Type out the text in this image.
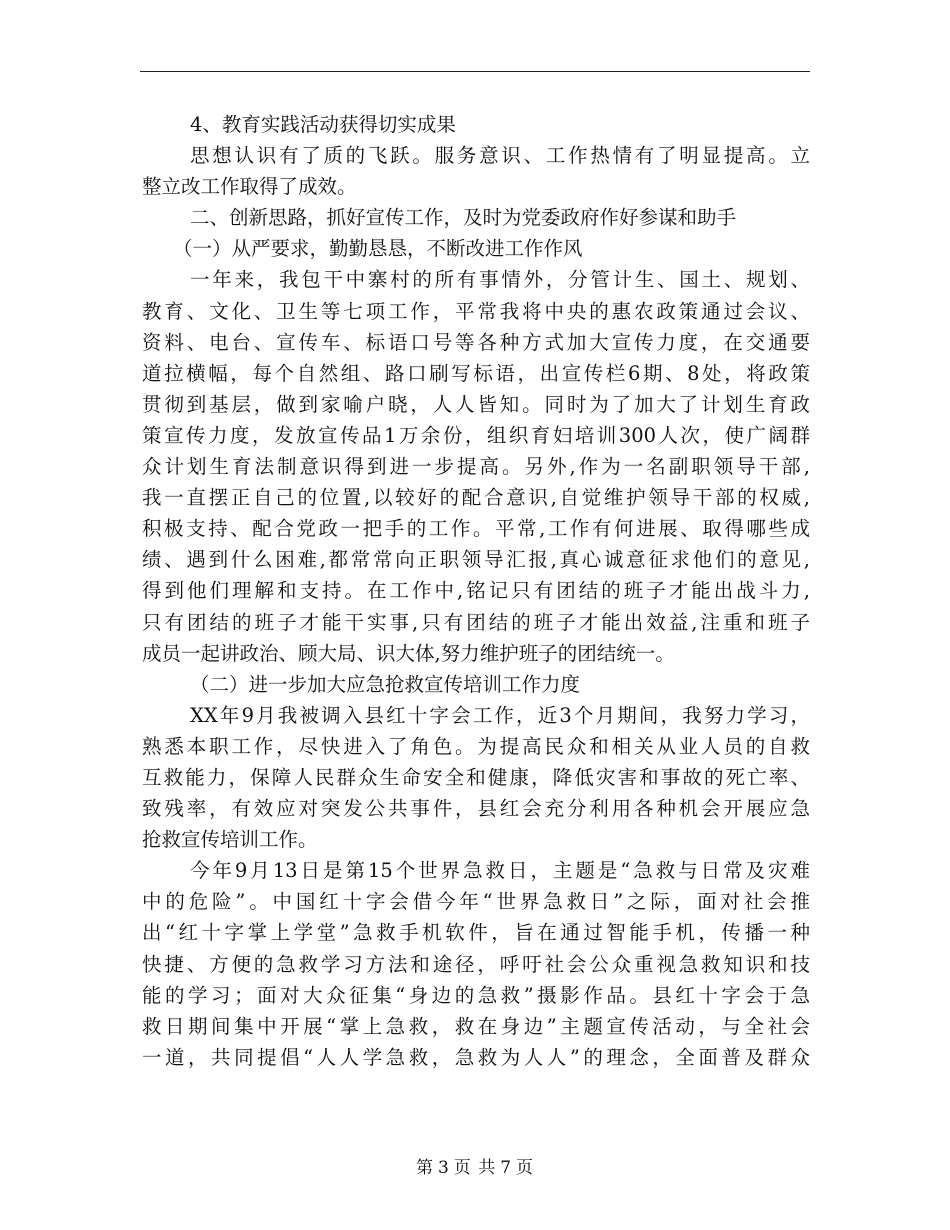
4、教育实践活动获得切实成果
思想认识有了质的飞跃。服务意识、工作热情有了明显提高。立
整立改工作取得了成效。
二、创新思路，抓好宣传工作，及时为党委政府作好参谋和助手
（一）从严要求，勤勤恳恳，不断改进工作作风
一年来，我包干中寨村的所有事情外，分管计生、国土、规划、
教育、文化、卫生等七项工作，平常我将中央的惠农政策通过会议、
资料、电台、宣传车、标语口号等各种方式加大宣传力度，在交通要
道拉横幅，每个自然组、路口刷写标语，出宣传栏6期、8处，将政策
贯彻到基层，做到家喻户晓，人人皆知。同时为了加大了计划生育政
策宣传力度，发放宣传品1万余份，组织育妇培训300人次，使广阔群
众计划生育法制意识得到进一步提高。另外,作为一名副职领导干部,
我一直摆正自己的位置,以较好的配合意识,自觉维护领导干部的权威,
积极支持、配合党政一把手的工作。平常,工作有何进展、取得哪些成
绩、遇到什么困难,都常常向正职领导汇报,真心诚意征求他们的意见,
得到他们理解和支持。在工作中,铭记只有团结的班子才能出战斗力,
只有团结的班子才能干实事,只有团结的班子才能出效益,注重和班子
成员一起讲政治、顾大局、识大体,努力维护班子的团结统一。
（二）进一步加大应急抢救宣传培训工作力度
XX年9月我被调入县红十字会工作，近3个月期间，我努力学习，
熟悉本职工作，尽快进入了角色。为提高民众和相关从业人员的自救
互救能力，保障人民群众生命安全和健康，降低灾害和事故的死亡率、
致残率，有效应对突发公共事件，县红会充分利用各种机会开展应急
抢救宣传培训工作。
今年9月13日是第15个世界急救日，主题是“急救与日常及灾难
中的危险”。中国红十字会借今年“世界急救日”之际，面对社会推
出“红十字掌上学堂”急救手机软件，旨在通过智能手机，传播一种
快捷、方便的急救学习方法和途径，呼吁社会公众重视急救知识和技
能的学习；面对大众征集“身边的急救”摄影作品。县红十字会于急
救日期间集中开展“掌上急救，救在身边”主题宣传活动，与全社会
一道，共同提倡“人人学急救，急救为人人”的理念，全面普及群众
第 3 页 共 7 页
